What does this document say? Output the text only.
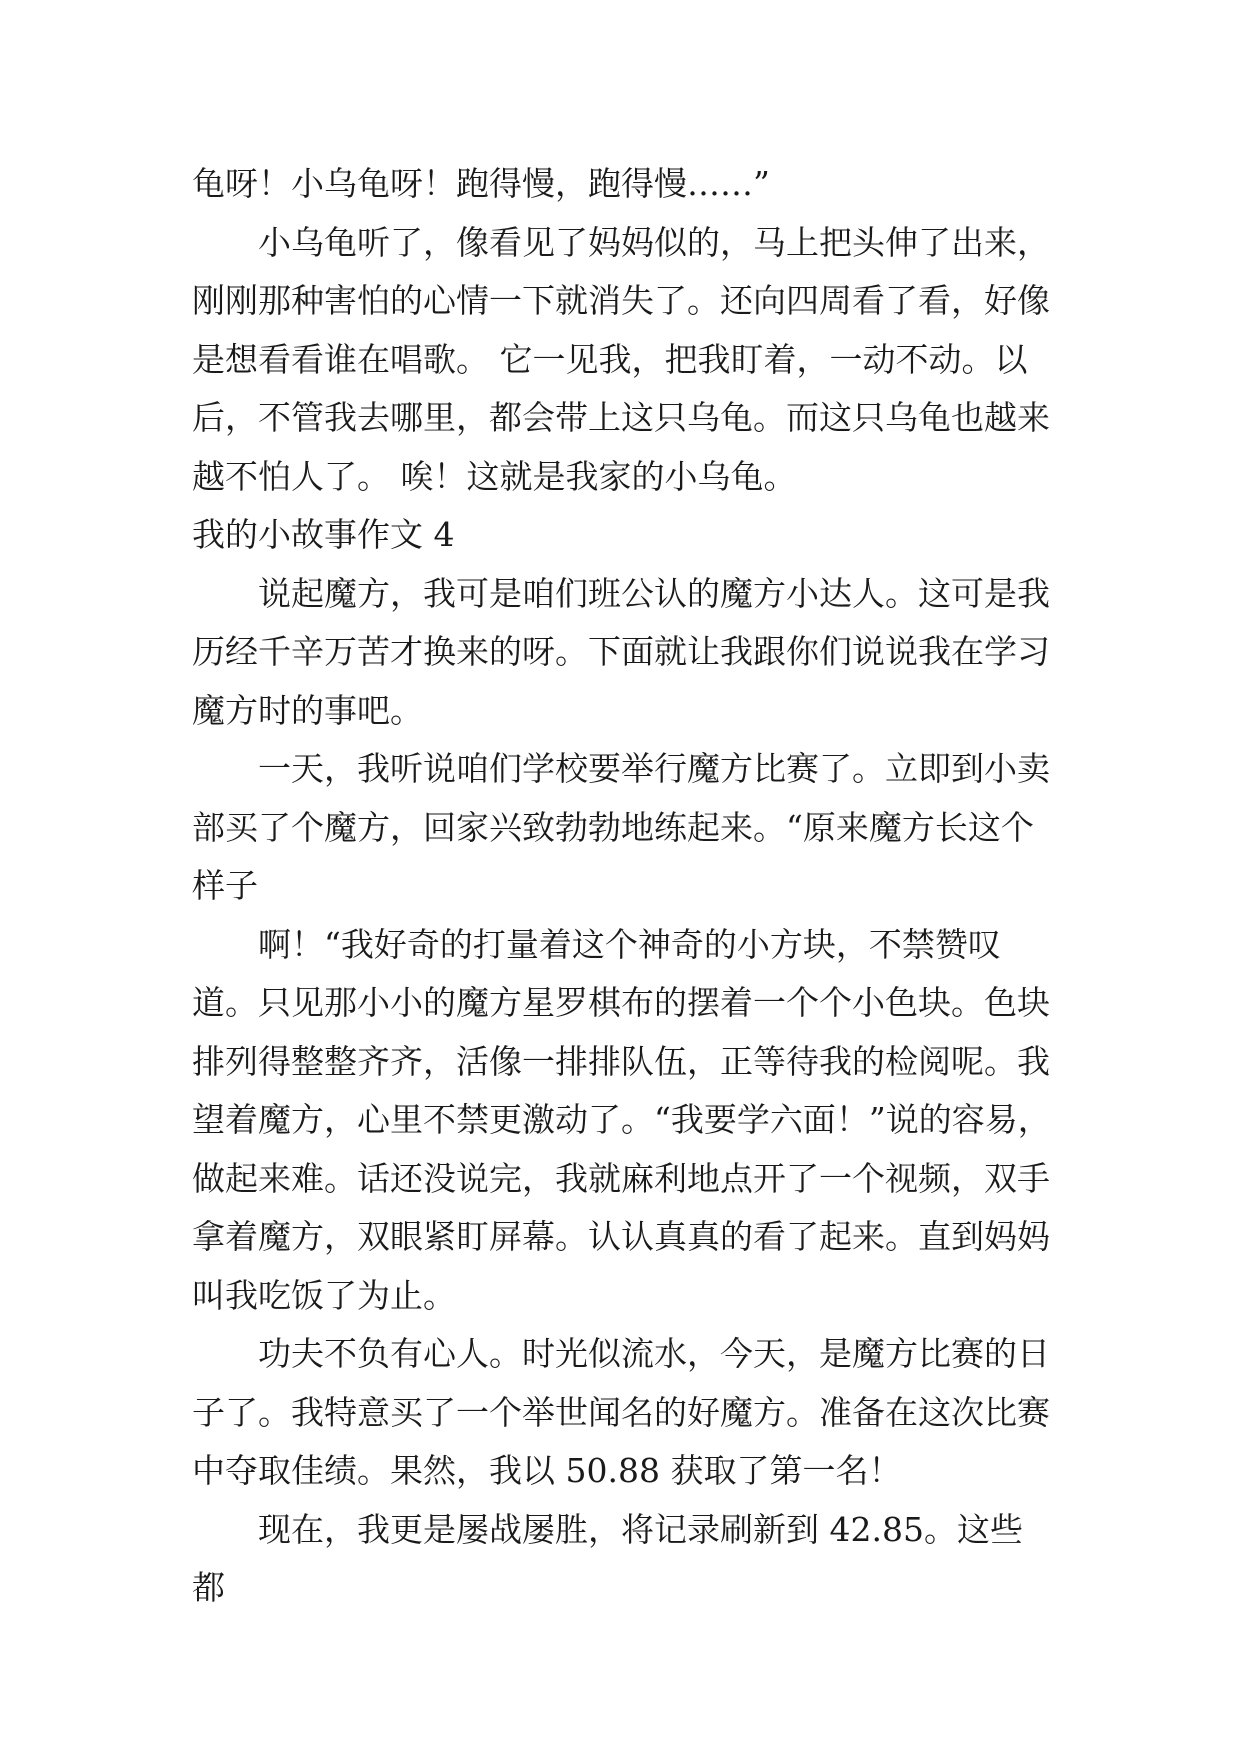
龟呀！小乌龟呀！跑得慢，跑得慢……”

小乌龟听了，像看见了妈妈似的，马上把头伸了出来，刚刚那种害怕的心情一下就消失了。还向四周看了看，好像是想看看谁在唱歌。 它一见我，把我盯着，一动不动。以后，不管我去哪里，都会带上这只乌龟。而这只乌龟也越来越不怕人了。 唉！这就是我家的小乌龟。

我的小故事作文 4

说起魔方，我可是咱们班公认的魔方小达人。这可是我历经千辛万苦才换来的呀。下面就让我跟你们说说我在学习魔方时的事吧。

一天，我听说咱们学校要举行魔方比赛了。立即到小卖部买了个魔方，回家兴致勃勃地练起来。“原来魔方长这个样子

啊！“我好奇的打量着这个神奇的小方块，不禁赞叹道。只见那小小的魔方星罗棋布的摆着一个个小色块。色块排列得整整齐齐，活像一排排队伍，正等待我的检阅呢。我望着魔方，心里不禁更激动了。“我要学六面！”说的容易，做起来难。话还没说完，我就麻利地点开了一个视频，双手拿着魔方，双眼紧盯屏幕。认认真真的看了起来。直到妈妈叫我吃饭了为止。

功夫不负有心人。时光似流水，今天，是魔方比赛的日子了。我特意买了一个举世闻名的好魔方。准备在这次比赛中夺取佳绩。果然，我以 50.88 获取了第一名！

现在，我更是屡战屡胜，将记录刷新到 42.85。这些都
